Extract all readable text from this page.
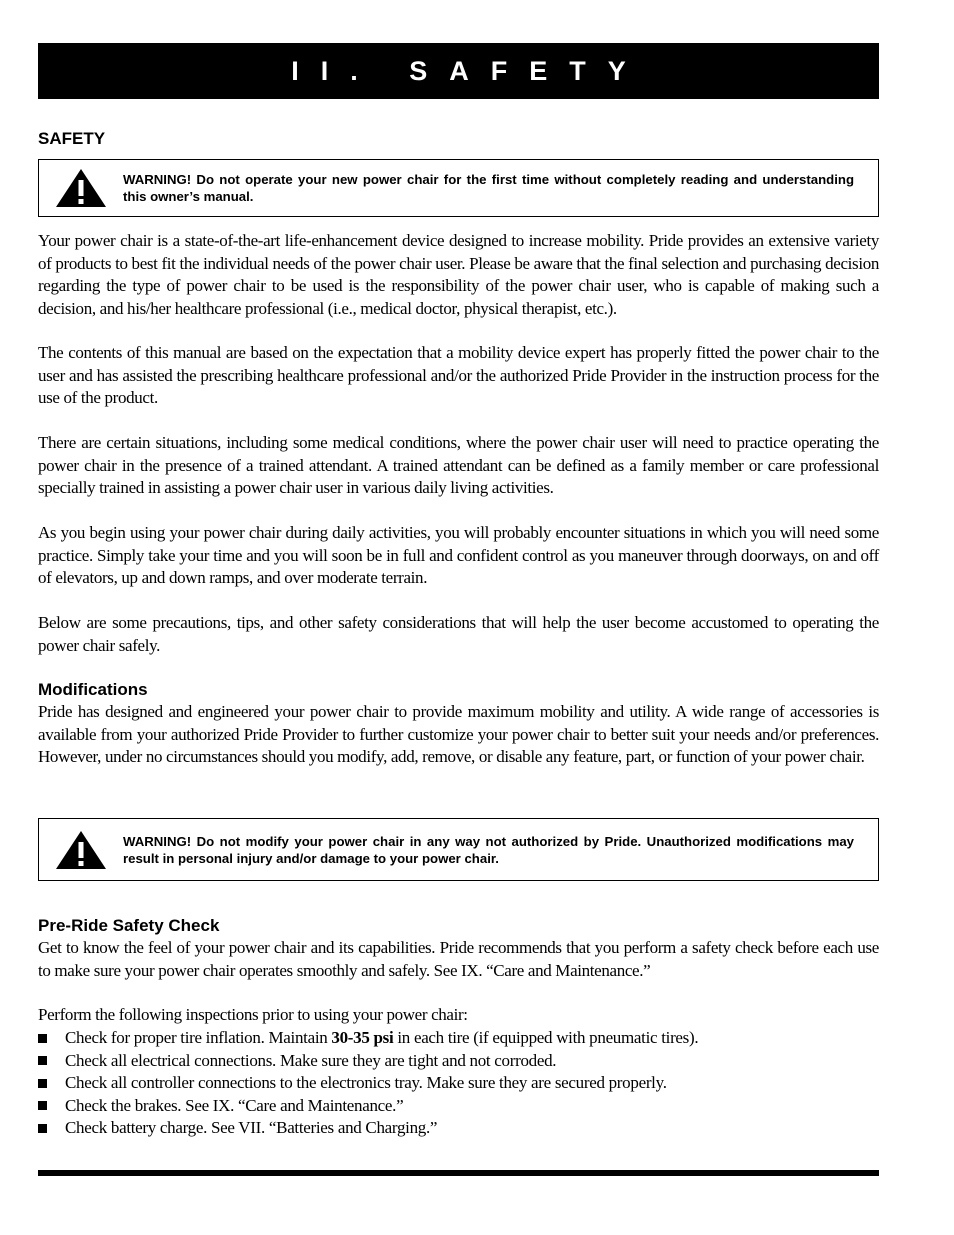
II. SAFETY
SAFETY
WARNING! Do not operate your new power chair for the first time without completely reading and understanding this owner’s manual.

Your power chair is a state-of-the-art life-enhancement device designed to increase mobility. Pride provides an extensive variety of products to best fit the individual needs of the power chair user. Please be aware that the final selection and purchasing decision regarding the type of power chair to be used is the responsibility of the power chair user, who is capable of making such a decision, and his/her healthcare professional (i.e., medical doctor, physical therapist, etc.).

The contents of this manual are based on the expectation that a mobility device expert has properly fitted the power chair to the user and has assisted the prescribing healthcare professional and/or the authorized Pride Provider in the instruction process for the use of the product.

There are certain situations, including some medical conditions, where the power chair user will need to practice operating the power chair in the presence of a trained attendant. A trained attendant can be defined as a family member or care professional specially trained in assisting a power chair user in various daily living activities.

As you begin using your power chair during daily activities, you will probably encounter situations in which you will need some practice. Simply take your time and you will soon be in full and confident control as you maneuver through doorways, on and off of elevators, up and down ramps, and over moderate terrain.

Below are some precautions, tips, and other safety considerations that will help the user become accustomed to operating the power chair safely.

Modifications

Pride has designed and engineered your power chair to provide maximum mobility and utility. A wide range of accessories is available from your authorized Pride Provider to further customize your power chair to better suit your needs and/or preferences. However, under no circumstances should you modify, add, remove, or disable any feature, part, or function of your power chair.

WARNING! Do not modify your power chair in any way not authorized by Pride. Unauthorized modifications may result in personal injury and/or damage to your power chair.
Pre-Ride Safety Check

Get to know the feel of your power chair and its capabilities. Pride recommends that you perform a safety check before each use to make sure your power chair operates smoothly and safely. See IX. “Care and Maintenance.”

Perform the following inspections prior to using your power chair:

Check for proper tire inflation. Maintain 30-35 psi in each tire (if equipped with pneumatic tires).
Check all electrical connections. Make sure they are tight and not corroded.
Check all controller connections to the electronics tray. Make sure they are secured properly.
Check the brakes. See IX. “Care and Maintenance.”
Check battery charge. See VII. “Batteries and Charging.”
